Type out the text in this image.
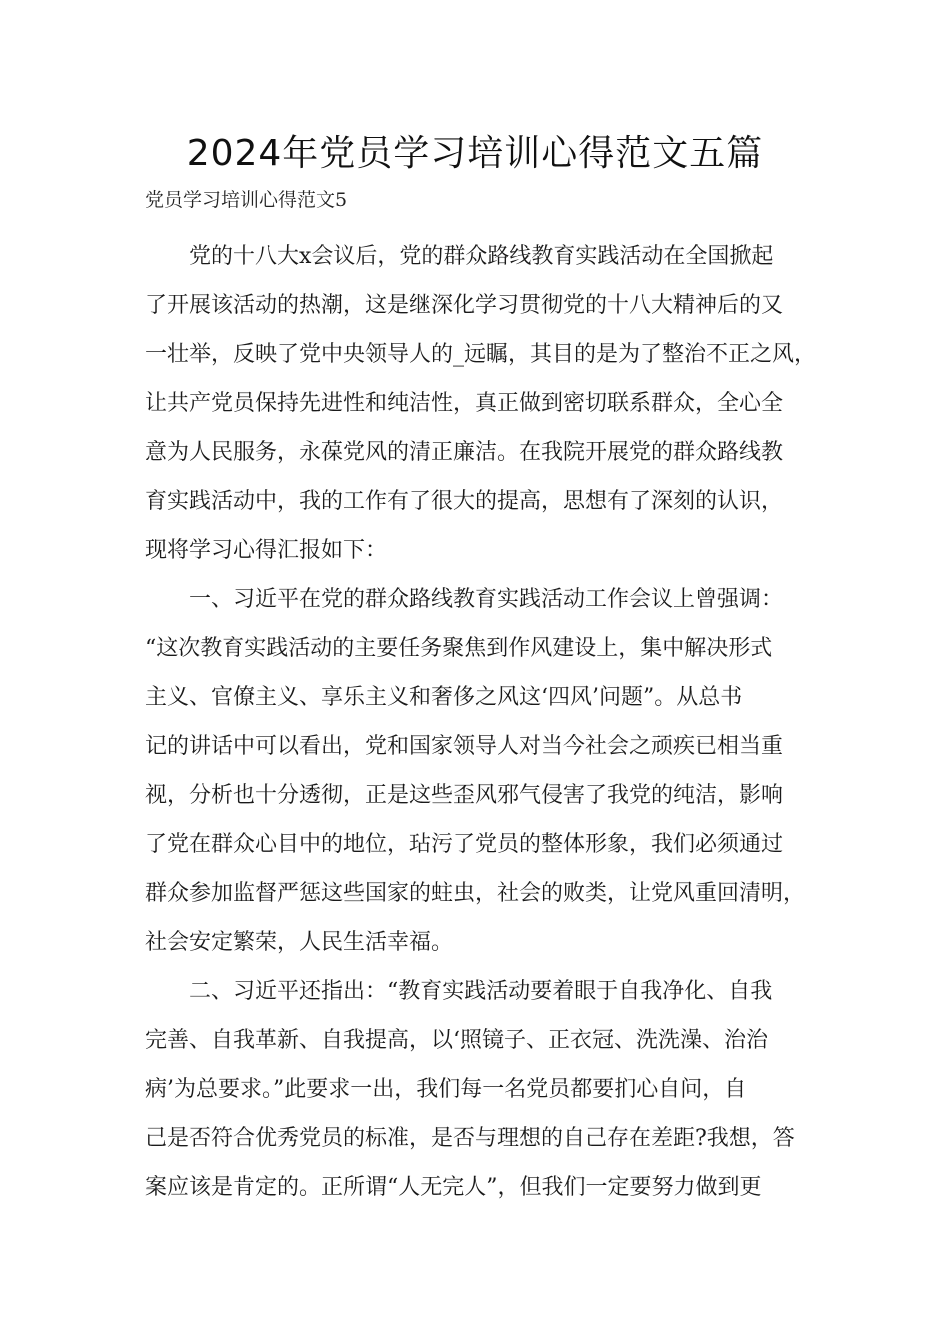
2024年党员学习培训心得范文五篇

党员学习培训心得范文5

党的十八大x会议后，党的群众路线教育实践活动在全国掀起
了开展该活动的热潮，这是继深化学习贯彻党的十八大精神后的又
一壮举，反映了党中央领导人的_远瞩，其目的是为了整治不正之风，
让共产党员保持先进性和纯洁性，真正做到密切联系群众，全心全
意为人民服务，永葆党风的清正廉洁。在我院开展党的群众路线教
育实践活动中，我的工作有了很大的提高，思想有了深刻的认识，
现将学习心得汇报如下：

一、习近平在党的群众路线教育实践活动工作会议上曾强调：
“这次教育实践活动的主要任务聚焦到作风建设上，集中解决形式
主义、官僚主义、享乐主义和奢侈之风这‘四风’问题”。从总书
记的讲话中可以看出，党和国家领导人对当今社会之顽疾已相当重
视，分析也十分透彻，正是这些歪风邪气侵害了我党的纯洁，影响
了党在群众心目中的地位，玷污了党员的整体形象，我们必须通过
群众参加监督严惩这些国家的蛀虫，社会的败类，让党风重回清明，
社会安定繁荣，人民生活幸福。

二、习近平还指出：“教育实践活动要着眼于自我净化、自我
完善、自我革新、自我提高，以‘照镜子、正衣冠、洗洗澡、治治
病’为总要求。”此要求一出，我们每一名党员都要扪心自问，自
己是否符合优秀党员的标准，是否与理想的自己存在差距?我想，答
案应该是肯定的。正所谓“人无完人”，但我们一定要努力做到更
